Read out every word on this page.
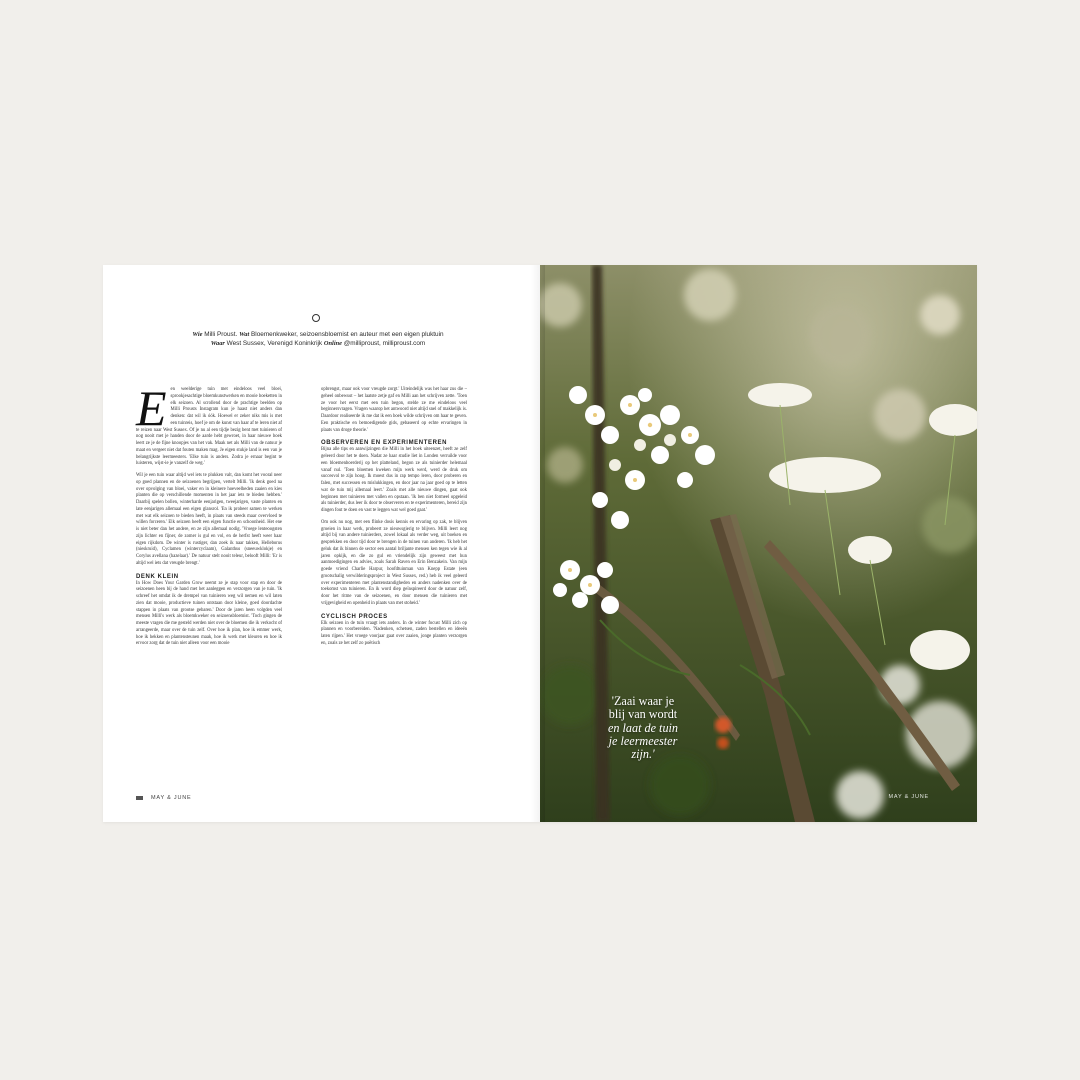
Wie Milli Proust. Wat Bloemenkweker, seizoensbloemist en auteur met een eigen pluktuin
Waar West Sussex, Verenigd Koninkrijk Online @milliproust, milliproust.com

Een weelderige tuin met eindeloos veel bloei, sprookjesachtige bloemkunstwerken en mooie boeketten in elk seizoen. Al scrollend door de prachtige beelden op Milli Prousts Instagram kun je haast niet anders dan denken: dat wil ik óók. Hoewel er zeker niks mis is met een tuinreis, hoef je om de kunst van haar af te leren niet af te reizen naar West Sussex. Of je nu al een tijdje bezig bent met tuinieren of nog nooit met je handen door de aarde hebt gewroet, in haar nieuwe boek leert ze je de fijne knoopjes van het vak. Maak net als Milli van de natuur je maat en vergeet niet dat fouten maken mag. Je eigen stukje land is een van je belangrijkste leermeesters. 'Elke tuin is anders. Zodra je ernaar begint te luisteren, wijst-ie je vanzelf de weg.'

Wil je een tuin waar altijd wel iets te plukken valt, dan komt het vooral neer op goed plannen en de seizoenen begrijpen, vertelt Milli. 'Ik denk goed na over opvolging van bloei, vaker en in kleinere hoeveelheden zaaien en kies planten die op verschillende momenten in het jaar iets te bieden hebben.' Daarbij spelen bollen, winterharde eenjarigen, tweejarigen, vaste planten en late eenjarigen allemaal een eigen glansrol. 'En ik probeer samen te werken met wat elk seizoen te bieden heeft, in plaats van steeds maar overvloed te willen forceren.' Elk seizoen heeft een eigen functie en schoonheid. Het ene is niet beter dan het andere, en ze zijn allemaal nodig. 'Vroege lenteoogsten zijn lichter en fijner, de zomer is gul en vol, en de herfst heeft weer haar eigen rijkdom. De winter is rustiger, dan zoek ik naar takken, Helleborus (nieskruid), Cyclamen (wintercyclaam), Galanthus (sneeuwklokje) en Corylus avellana (hazelaar).' De natuur stelt nooit teleur, belooft Milli: 'Er is altijd wel iets dat vreugde brengt.'

DENK KLEIN

In How Does Your Garden Grow neemt ze je stap voor stap en door de seizoenen heen bij de hand met het aanleggen en verzorgen van je tuin. 'Ik schreef het omdat ik de drempel van tuinieren weg wil nemen en wil laten zien dat mooie, productieve tuinen ontstaan door kleine, goed doordachte stappen in plaats van grootse gebaren.' Door de jaren heen volgden veel mensen Milli's werk als bloemkweker en seizoensbloemist. 'Toch gingen de meeste vragen die me gesteld werden niet over de bloemen die ik verkocht of arrangeerde, maar over de tuin zelf. Over hoe ik plan, hoe ik emmer werk, hoe ik hekken en plantensteunen maak, hoe ik werk met kleuren en hoe ik ervoor zorg dat de tuin niet alleen voor een mooie

opbrengst, maar ook voor vreugde zorgt.' Uiteindelijk was het haar zus die – geheel onbewust – het laatste zetje gaf en Milli aan het schrijven zette. 'Toen ze voor het eerst met een tuin begon, stelde ze me eindeloos veel beginnersvragen. Vragen waarop het antwoord niet altijd snel of makkelijk is. Daardoor realiseerde ik me dat ik een boek wilde schrijven om haar te geven. Een praktische en bemoedigende gids, gebaseerd op echte ervaringen in plaats van droge theorie.'

OBSERVEREN EN EXPERIMENTEREN

Bijna alle tips en aanwijzingen die Milli in het boek uiteenzet, heeft ze zelf geleerd door het te doen. Nadat ze haar studie liet in Londen verruilde voor een bloemenboerderij op het platteland, begon ze als tuinierder helemaal vanaf nul. 'Toen bloemen kweken mijn werk werd, werd de druk om succesvol te zijn hoog. Ik moest dus in rap tempo leren, door proberen en falen, met successen en mislukkingen, en door jaar na jaar goed op te letten wat de tuin mij allemaal leert.' Zoals met alle nieuwe dingen, gaat ook beginnen met tuinieren met vallen en opstaan. 'Ik ben niet formeel opgeleid als tuinierder, dus leer ik door te observeren en te experimenteren, bereid zijn dingen fout te doen en vast te leggen wat wel goed gaat.'

Om ook nu nog, met een flinke dosis kennis en ervaring op zak, te blijven groeien in haar werk, probeert ze nieuwsgierig te blijven. Milli leert nog altijd bij van andere tuinierders, zowel lokaal als verder weg, uit boeken en gesprekken en door tijd door te brengen in de tuinen van anderen. 'Ik heb het geluk dat ik binnen de sector een aantal briljante mensen ken tegen wie ik al jaren opkijk, en die zo gul en vriendelijk zijn geweest met hun aanmoedigingen en advies, zoals Sarah Raven en Erin Benzakein. Van mijn goede vriend Charlie Harpur, hoofdtuinman van Knepp Estate (een grootschalig verwilderingsproject in West Sussex, red.) heb ik veel geleerd over experimenteren met plantenstandigheden en anders nadenken over de toekomst van tuinieren. En ik word diep geïnspireerd door de natuur zelf, door het ritme van de seizoenen, en door mensen die tuinieren met vrijgevigheid en openheid in plaats van met stoheid.'

CYCLISCH PROCES

Elk seizoen in de tuin vraagt iets anders. In de winter focust Milli zich op plannen en voorbereiden. 'Nadenken, schetsen, zaden bestellen en ideeën laten rijpen.' Het vroege voorjaar gaat over zaaien, jonge planten verzorgen en, zoals ze het zelf zo poëtisch

MAY & JUNE
'Zaai waar je blij van wordt en laat de tuin je leermeester zijn.'
MAY & JUNE
